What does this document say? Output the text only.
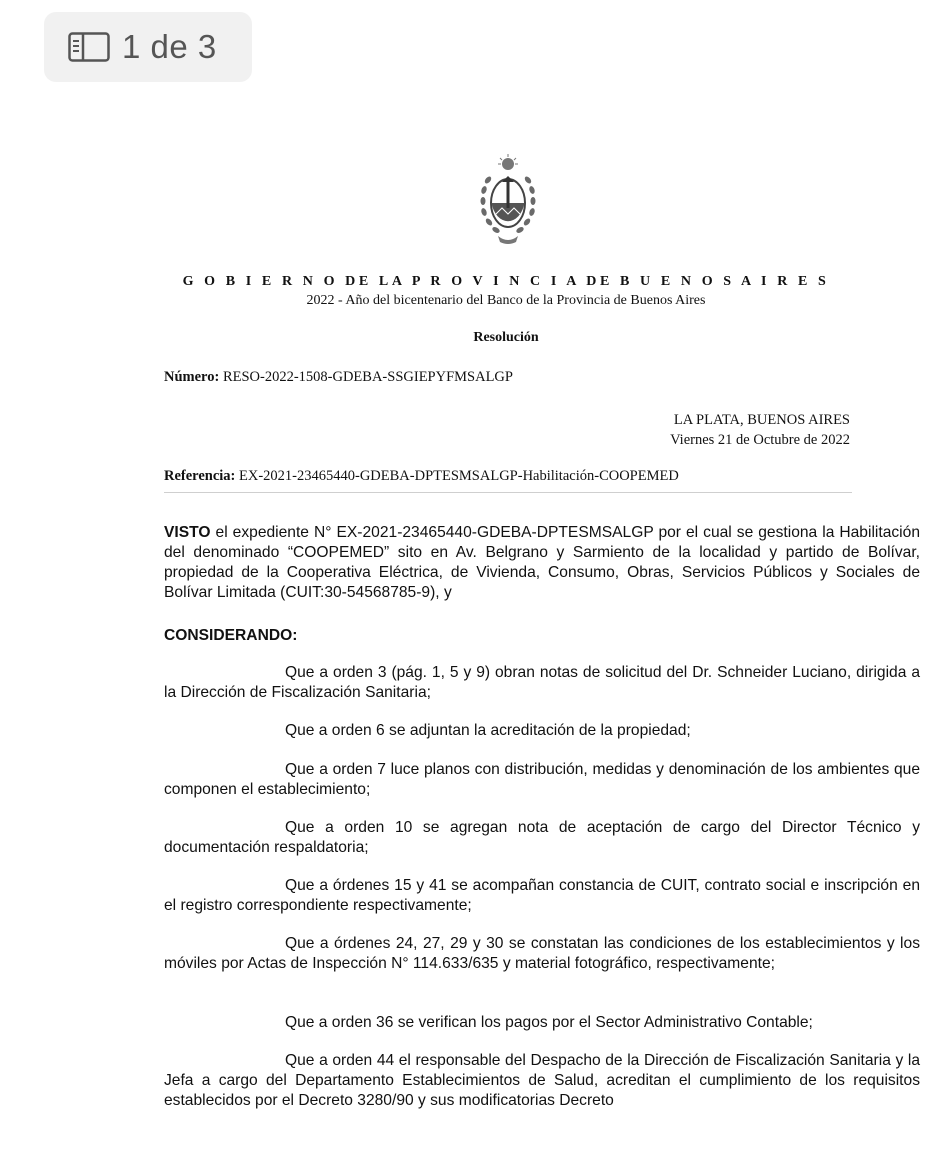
1 de 3
G O B I E R N O DE LA P R O V I N C I A DE B U E N O S A I R E S
2022 - Año del bicentenario del Banco de la Provincia de Buenos Aires
Resolución
Número: RESO-2022-1508-GDEBA-SSGIEPYFMSALGP
LA PLATA, BUENOS AIRES
Viernes 21 de Octubre de 2022
Referencia: EX-2021-23465440-GDEBA-DPTESMSALGP-Habilitación-COOPEMED
VISTO el expediente N° EX-2021-23465440-GDEBA-DPTESMSALGP por el cual se gestiona la Habilitación del denominado “COOPEMED” sito en Av. Belgrano y Sarmiento de la localidad y partido de Bolívar, propiedad de la Cooperativa Eléctrica, de Vivienda, Consumo, Obras, Servicios Públicos y Sociales de Bolívar Limitada (CUIT:30-54568785-9), y
CONSIDERANDO:
Que a orden 3 (pág. 1, 5 y 9) obran notas de solicitud del Dr. Schneider Luciano, dirigida a la Dirección de Fiscalización Sanitaria;
Que a orden 6 se adjuntan la acreditación de la propiedad;
Que a orden 7 luce planos con distribución, medidas y denominación de los ambientes que componen el establecimiento;
Que a orden 10 se agregan nota de aceptación de cargo del Director Técnico y documentación respaldatoria;
Que a órdenes 15 y 41 se acompañan constancia de CUIT, contrato social e inscripción en el registro correspondiente respectivamente;
Que a órdenes 24, 27, 29 y 30 se constatan las condiciones de los establecimientos y los móviles por Actas de Inspección N° 114.633/635 y material fotográfico, respectivamente;
Que a orden 36 se verifican los pagos por el Sector Administrativo Contable;
Que a orden 44 el responsable del Despacho de la Dirección de Fiscalización Sanitaria y la Jefa a cargo del Departamento Establecimientos de Salud, acreditan el cumplimiento de los requisitos establecidos por el Decreto 3280/90 y sus modificatorias Decreto
